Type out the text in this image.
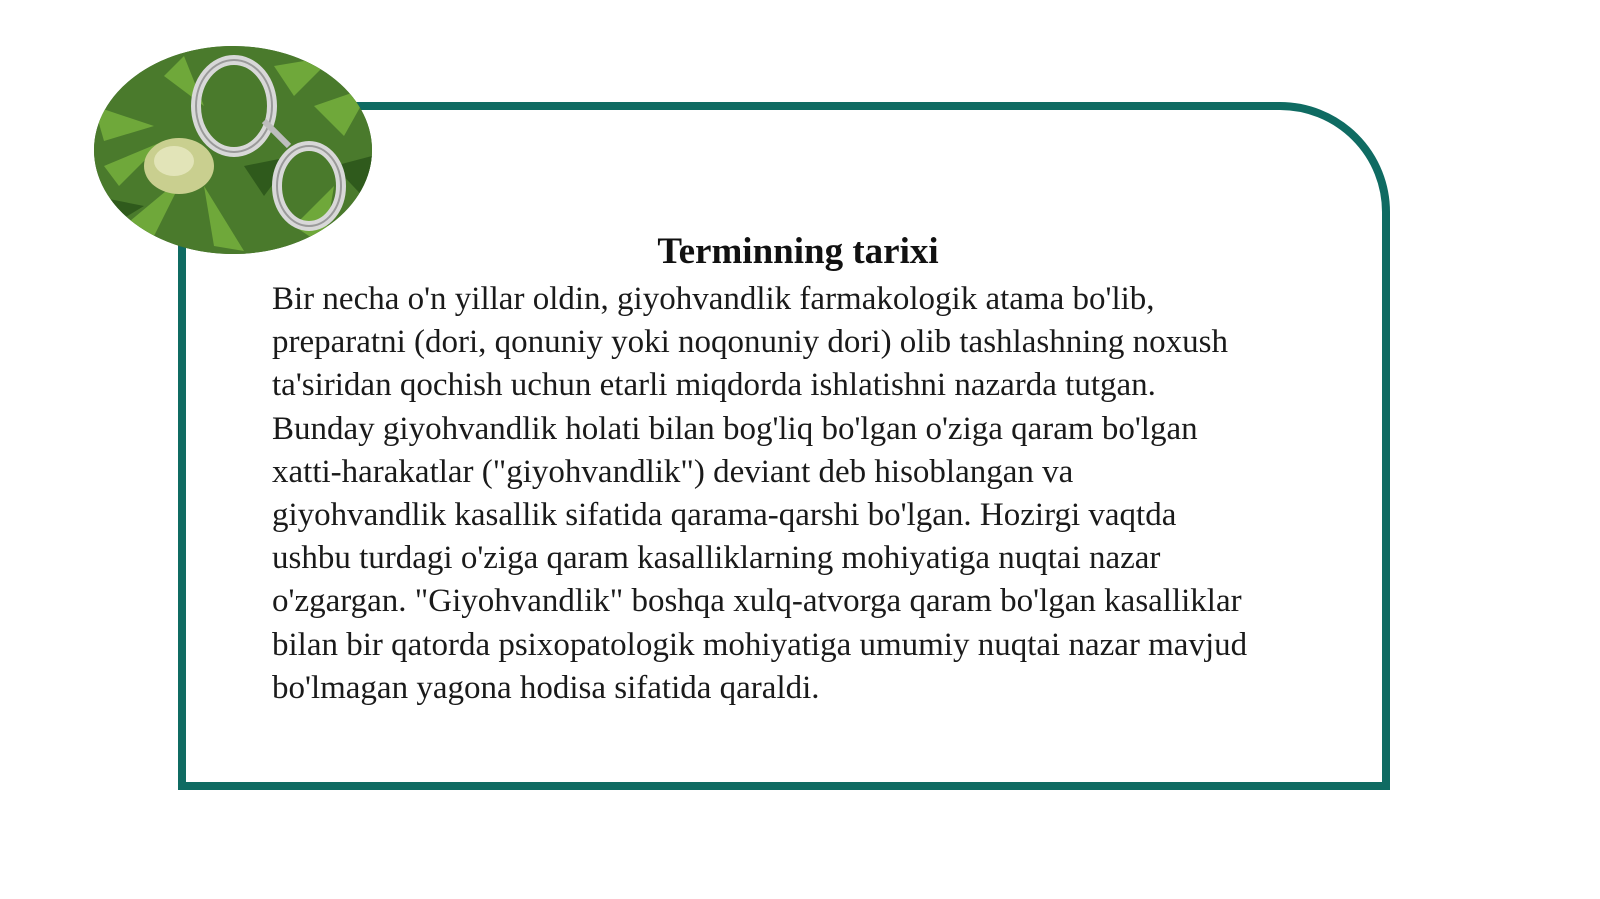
Terminning tarixi

Bir necha o'n yillar oldin, giyohvandlik farmakologik atama bo'lib,
preparatni (dori, qonuniy yoki noqonuniy dori) olib tashlashning noxush
ta'siridan qochish uchun etarli miqdorda ishlatishni nazarda tutgan.
Bunday giyohvandlik holati bilan bog'liq bo'lgan o'ziga qaram bo'lgan
xatti-harakatlar ("giyohvandlik") deviant deb hisoblangan va
giyohvandlik kasallik sifatida qarama-qarshi bo'lgan. Hozirgi vaqtda
ushbu turdagi o'ziga qaram kasalliklarning mohiyatiga nuqtai nazar
o'zgargan. "Giyohvandlik" boshqa xulq-atvorga qaram bo'lgan kasalliklar
bilan bir qatorda psixopatologik mohiyatiga umumiy nuqtai nazar mavjud
bo'lmagan yagona hodisa sifatida qaraldi.
